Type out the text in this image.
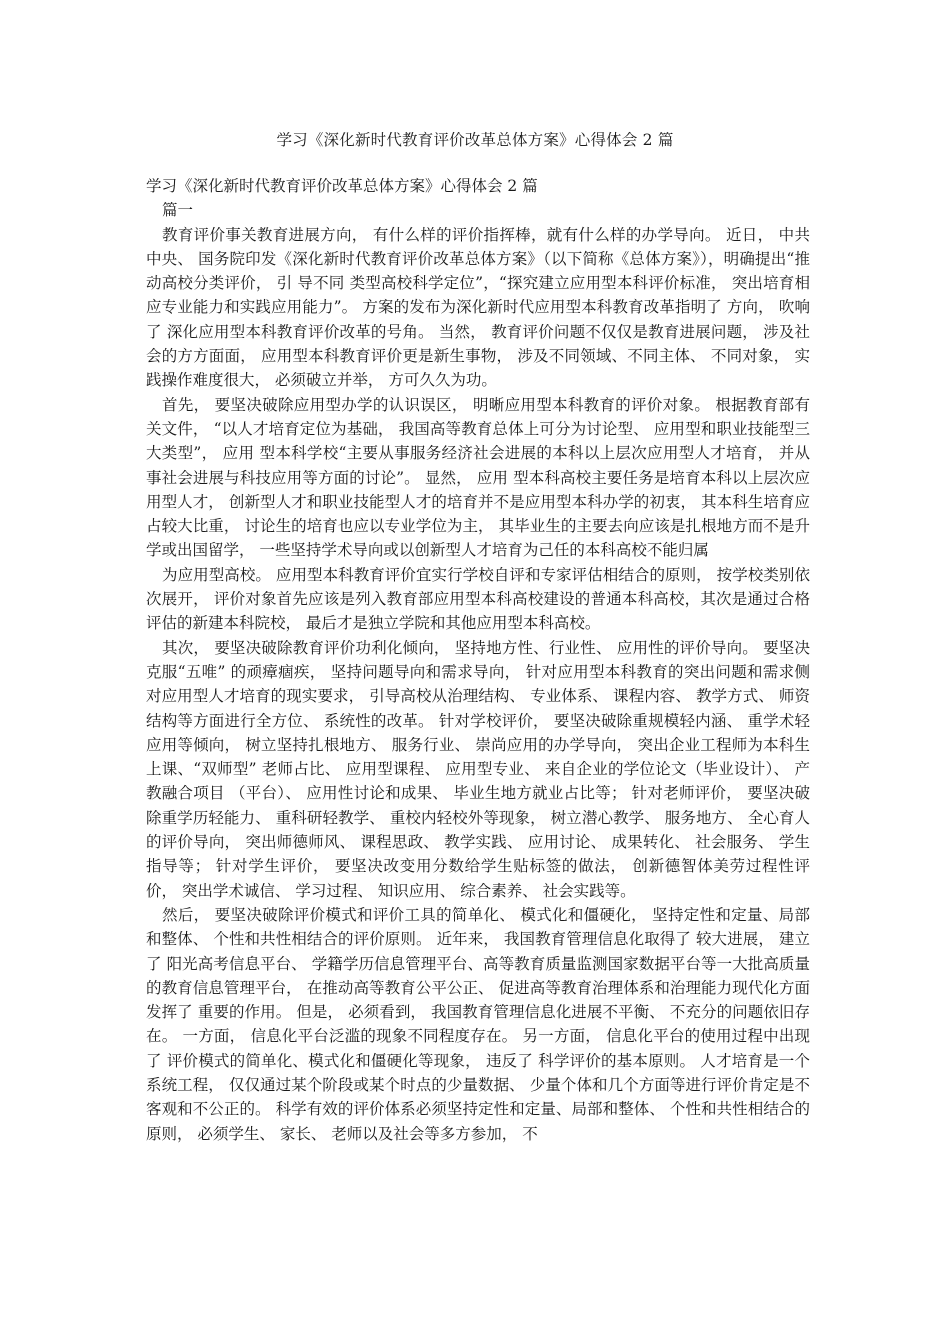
学习《深化新时代教育评价改革总体方案》心得体会 2 篇

学习《深化新时代教育评价改革总体方案》心得体会 2 篇

篇一

教育评价事关教育进展方向， 有什么样的评价指挥棒，就有什么样的办学导向。 近日， 中共中央、 国务院印发《深化新时代教育评价改革总体方案》（以下简称《总体方案》），明确提出“推动高校分类评价， 引 导不同 类型高校科学定位”，“探究建立应用型本科评价标准， 突出培育相应专业能力和实践应用能力”。 方案的发布为深化新时代应用型本科教育改革指明了 方向， 吹响了 深化应用型本科教育评价改革的号角。 当然， 教育评价问题不仅仅是教育进展问题， 涉及社会的方方面面， 应用型本科教育评价更是新生事物， 涉及不同领域、不同主体、 不同对象， 实践操作难度很大， 必须破立并举， 方可久久为功。

首先， 要坚决破除应用型办学的认识误区， 明晰应用型本科教育的评价对象。 根据教育部有关文件， “以人才培育定位为基础， 我国高等教育总体上可分为讨论型、 应用型和职业技能型三大类型”， 应用 型本科学校“主要从事服务经济社会进展的本科以上层次应用型人才培育， 并从事社会进展与科技应用等方面的讨论”。 显然， 应用 型本科高校主要任务是培育本科以上层次应用型人才， 创新型人才和职业技能型人才的培育并不是应用型本科办学的初衷， 其本科生培育应占较大比重， 讨论生的培育也应以专业学位为主， 其毕业生的主要去向应该是扎根地方而不是升学或出国留学， 一些坚持学术导向或以创新型人才培育为己任的本科高校不能归属

为应用型高校。 应用型本科教育评价宜实行学校自评和专家评估相结合的原则， 按学校类别依次展开， 评价对象首先应该是列入教育部应用型本科高校建设的普通本科高校，其次是通过合格评估的新建本科院校， 最后才是独立学院和其他应用型本科高校。

其次， 要坚决破除教育评价功利化倾向， 坚持地方性、行业性、 应用性的评价导向。 要坚决克服“五唯” 的顽瘴痼疾， 坚持问题导向和需求导向， 针对应用型本科教育的突出问题和需求侧对应用型人才培育的现实要求， 引导高校从治理结构、 专业体系、 课程内容、 教学方式、 师资结构等方面进行全方位、 系统性的改革。 针对学校评价， 要坚决破除重规模轻内涵、 重学术轻应用等倾向， 树立坚持扎根地方、 服务行业、 崇尚应用的办学导向， 突出企业工程师为本科生上课、“双师型” 老师占比、 应用型课程、 应用型专业、 来自企业的学位论文（毕业设计）、 产教融合项目 （平台）、 应用性讨论和成果、 毕业生地方就业占比等； 针对老师评价， 要坚决破除重学历轻能力、 重科研轻教学、 重校内轻校外等现象， 树立潜心教学、 服务地方、 全心育人的评价导向， 突出师德师风、 课程思政、 教学实践、 应用讨论、 成果转化、 社会服务、 学生指导等； 针对学生评价， 要坚决改变用分数给学生贴标签的做法， 创新德智体美劳过程性评价， 突出学术诚信、 学习过程、 知识应用、 综合素养、 社会实践等。

然后， 要坚决破除评价模式和评价工具的简单化、 模式化和僵硬化， 坚持定性和定量、局部和整体、 个性和共性相结合的评价原则。 近年来， 我国教育管理信息化取得了 较大进展， 建立了 阳光高考信息平台、 学籍学历信息管理平台、高等教育质量监测国家数据平台等一大批高质量的教育信息管理平台， 在推动高等教育公平公正、 促进高等教育治理体系和治理能力现代化方面发挥了 重要的作用。 但是， 必须看到， 我国教育管理信息化进展不平衡、 不充分的问题依旧存在。 一方面， 信息化平台泛滥的现象不同程度存在。 另一方面， 信息化平台的使用过程中出现了 评价模式的简单化、模式化和僵硬化等现象， 违反了 科学评价的基本原则。 人才培育是一个系统工程， 仅仅通过某个阶段或某个时点的少量数据、 少量个体和几个方面等进行评价肯定是不客观和不公正的。 科学有效的评价体系必须坚持定性和定量、局部和整体、 个性和共性相结合的原则， 必须学生、 家长、 老师以及社会等多方参加， 不
